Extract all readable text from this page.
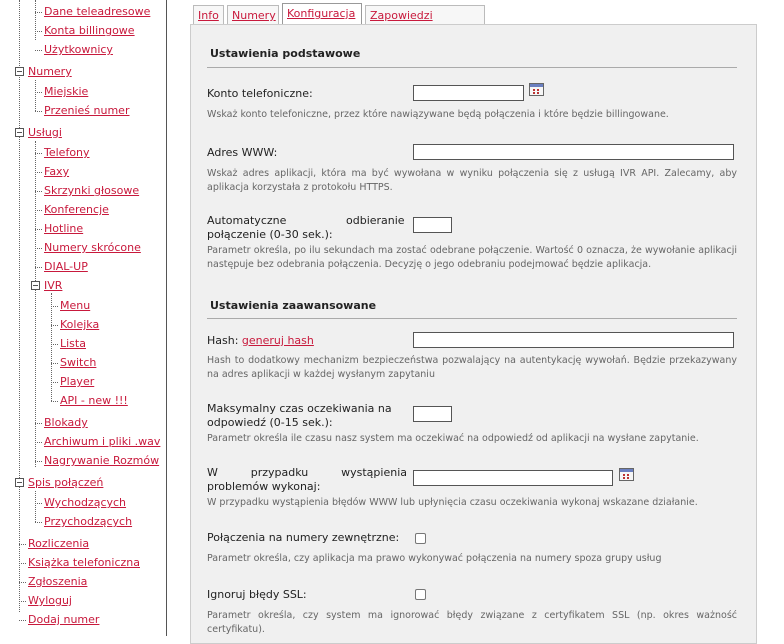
Dane teleadresowe
Konta billingowe
Użytkownicy
Numery
Miejskie
Przenieś numer
Usługi
Telefony
Faxy
Skrzynki głosowe
Konferencje
Hotline
Numery skrócone
DIAL-UP
IVR
Menu
Kolejka
Lista
Switch
Player
API - new !!!
Blokady
Archiwum i pliki .wav
Nagrywanie Rozmów
Spis połączeń
Wychodzących
Przychodzących
Rozliczenia
Książka telefoniczna
Zgłoszenia
Wyloguj
Dodaj numer
Info	Numery	Konfiguracja	Zapowiedzi
Ustawienia podstawowe
Konto telefoniczne:
Wskaż konto telefoniczne, przez które nawiązywane będą połączenia i które będzie billingowane.
Adres WWW:
Wskaż adres aplikacji, która ma być wywołana w wyniku połączenia się z usługą IVR API. Zalecamy, aby aplikacja korzystała z protokołu HTTPS.
Automatyczne	odbieranie
połączenie (0-30 sek.):
Parametr określa, po ilu sekundach ma zostać odebrane połączenie. Wartość 0 oznacza, że wywołanie aplikacji następuje bez odebrania połączenia. Decyzję o jego odebraniu podejmować będzie aplikacja.
Ustawienia zaawansowane
Hash: generuj hash
Hash to dodatkowy mechanizm bezpieczeństwa pozwalający na autentykację wywołań. Będzie przekazywany na adres aplikacji w każdej wysłanym zapytaniu
Maksymalny czas oczekiwania na
odpowiedź (0-15 sek.):
Parametr określa ile czasu nasz system ma oczekiwać na odpowiedź od aplikacji na wysłane zapytanie.
W przypadku wystąpienia
problemów wykonaj:
W przypadku wystąpienia błędów WWW lub upłynięcia czasu oczekiwania wykonaj wskazane działanie.
Połączenia na numery zewnętrzne:
Parametr określa, czy aplikacja ma prawo wykonywać połączenia na numery spoza grupy usług
Ignoruj błędy SSL:
Parametr określa, czy system ma ignorować błędy związane z certyfikatem SSL (np. okres ważność certyfikatu).
